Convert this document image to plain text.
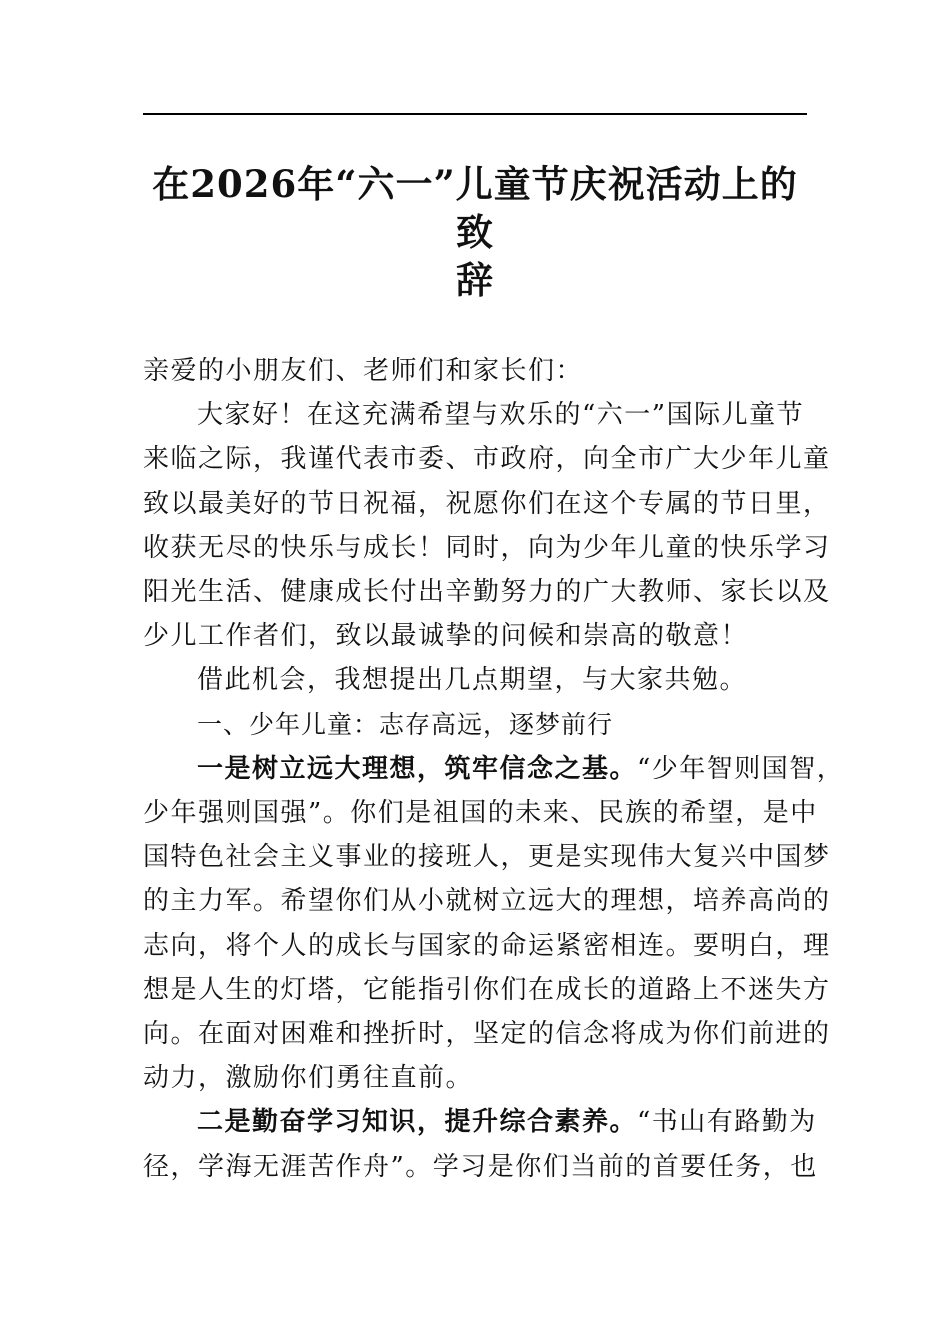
在2026年“六一”儿童节庆祝活动上的致
辞

亲爱的小朋友们、老师们和家长们：

大家好！在这充满希望与欢乐的“六一”国际儿童节
来临之际，我谨代表市委、市政府，向全市广大少年儿童
致以最美好的节日祝福，祝愿你们在这个专属的节日里，
收获无尽的快乐与成长！同时，向为少年儿童的快乐学习
阳光生活、健康成长付出辛勤努力的广大教师、家长以及
少儿工作者们，致以最诚挚的问候和崇高的敬意！

借此机会，我想提出几点期望，与大家共勉。

一、少年儿童：志存高远，逐梦前行

一是树立远大理想，筑牢信念之基。“少年智则国智，
少年强则国强”。你们是祖国的未来、民族的希望，是中
国特色社会主义事业的接班人，更是实现伟大复兴中国梦
的主力军。希望你们从小就树立远大的理想，培养高尚的
志向，将个人的成长与国家的命运紧密相连。要明白，理
想是人生的灯塔，它能指引你们在成长的道路上不迷失方
向。在面对困难和挫折时，坚定的信念将成为你们前进的
动力，激励你们勇往直前。

二是勤奋学习知识，提升综合素养。“书山有路勤为
径，学海无涯苦作舟”。学习是你们当前的首要任务，也
